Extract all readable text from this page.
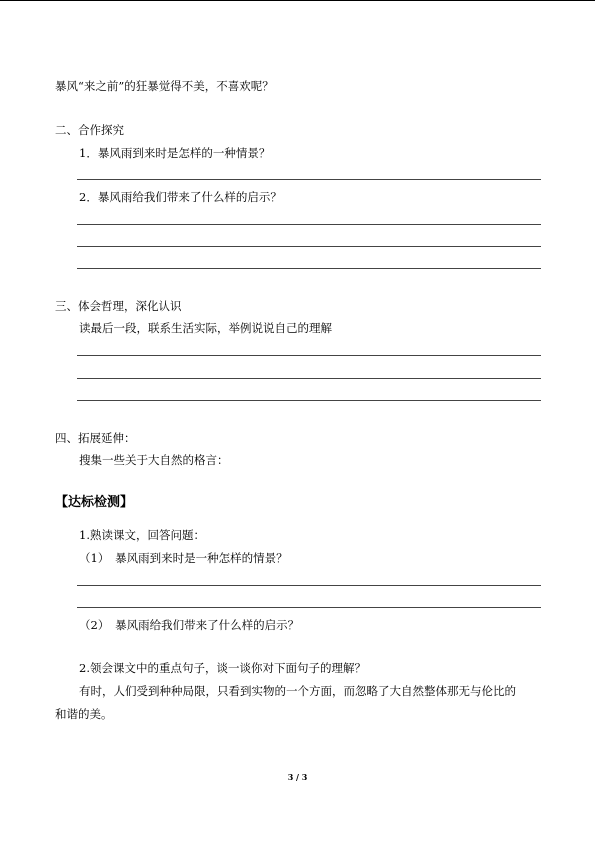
暴风“来之前”的狂暴觉得不美，不喜欢呢？
二、合作探究
1．暴风雨到来时是怎样的一种情景？
2．暴风雨给我们带来了什么样的启示？
三、体会哲理，深化认识
读最后一段，联系生活实际，举例说说自己的理解
四、拓展延伸：
搜集一些关于大自然的格言：
【达标检测】
1.熟读课文，回答问题：
（1）　暴风雨到来时是一种怎样的情景？
（2）　暴风雨给我们带来了什么样的启示？
2.领会课文中的重点句子，谈一谈你对下面句子的理解？
有时，人们受到种种局限，只看到实物的一个方面，而忽略了大自然整体那无与伦比的
和谐的美。
3 / 3
